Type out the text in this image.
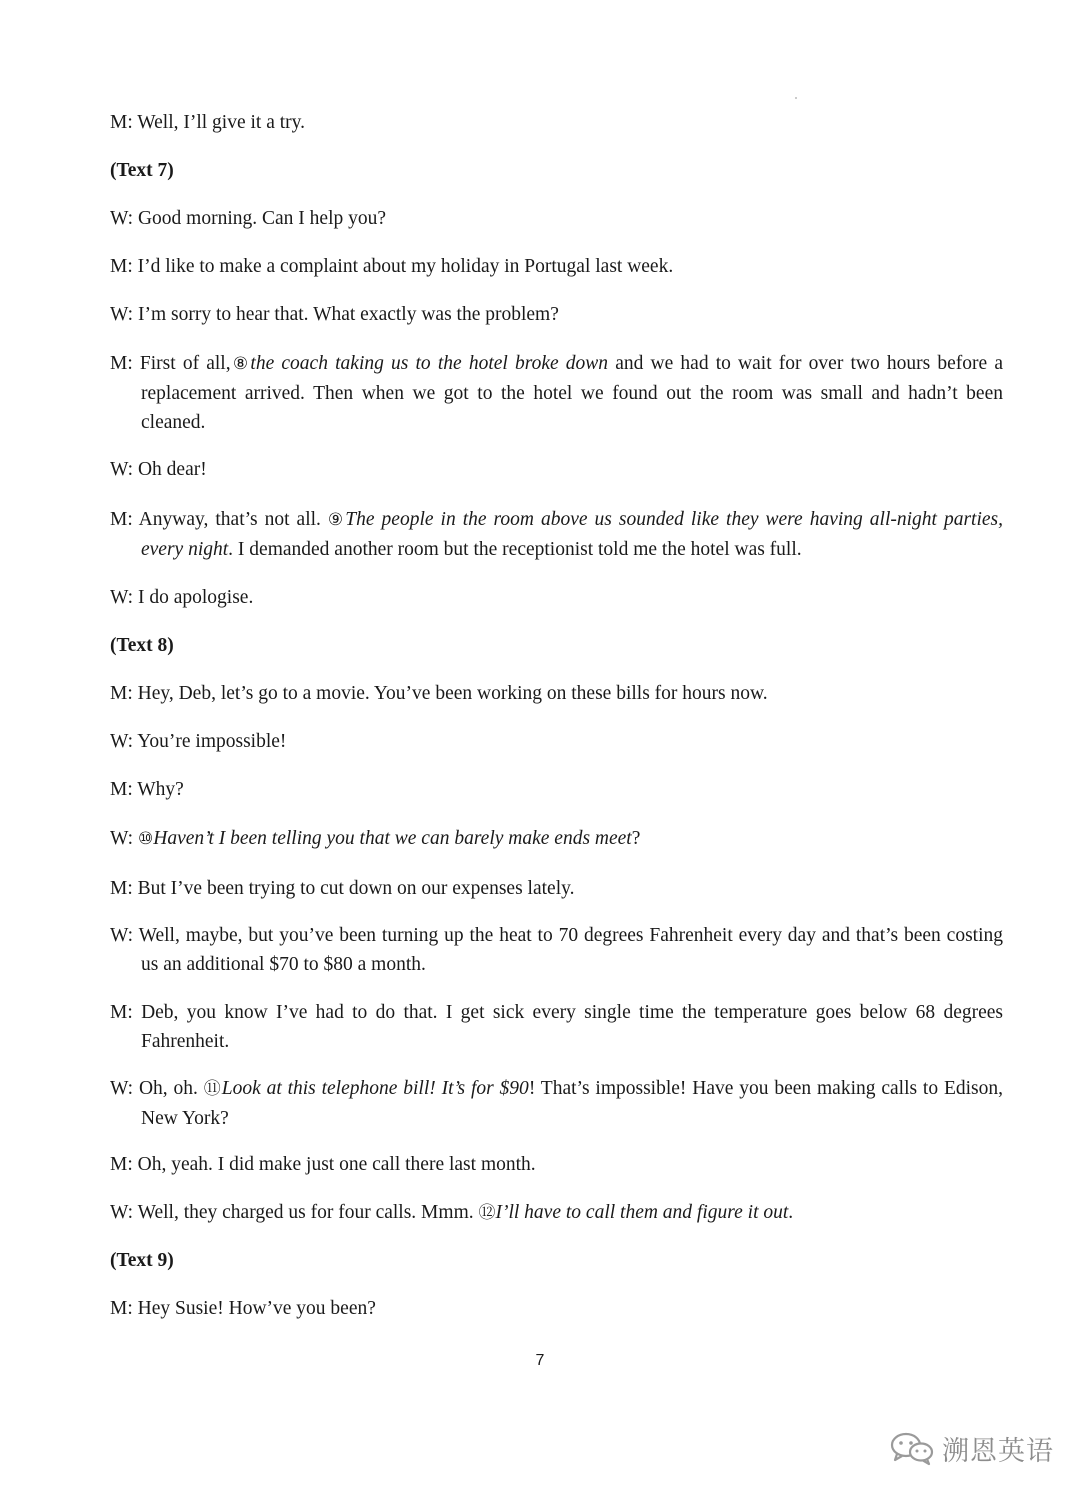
M: Well, I’ll give it a try.
(Text 7)
W: Good morning. Can I help you?
M: I’d like to make a complaint about my holiday in Portugal last week.
W: I’m sorry to hear that. What exactly was the problem?
M: First of all,⑧the coach taking us to the hotel broke down and we had to wait for over two hours before a replacement arrived. Then when we got to the hotel we found out the room was small and hadn’t been cleaned.
W: Oh dear!
M: Anyway, that’s not all. ⑨The people in the room above us sounded like they were having all-night parties, every night. I demanded another room but the receptionist told me the hotel was full.
W: I do apologise.
(Text 8)
M: Hey, Deb, let’s go to a movie. You’ve been working on these bills for hours now.
W: You’re impossible!
M: Why?
W: ⑩Haven’t I been telling you that we can barely make ends meet?
M: But I’ve been trying to cut down on our expenses lately.
W: Well, maybe, but you’ve been turning up the heat to 70 degrees Fahrenheit every day and that’s been costing us an additional $70 to $80 a month.
M: Deb, you know I’ve had to do that. I get sick every single time the temperature goes below 68 degrees Fahrenheit.
W: Oh, oh. ⑪Look at this telephone bill! It’s for $90! That’s impossible! Have you been making calls to Edison, New York?
M: Oh, yeah. I did make just one call there last month.
W: Well, they charged us for four calls. Mmm. ⑫I’ll have to call them and figure it out.
(Text 9)
M: Hey Susie! How’ve you been?
7
溯恩英语
